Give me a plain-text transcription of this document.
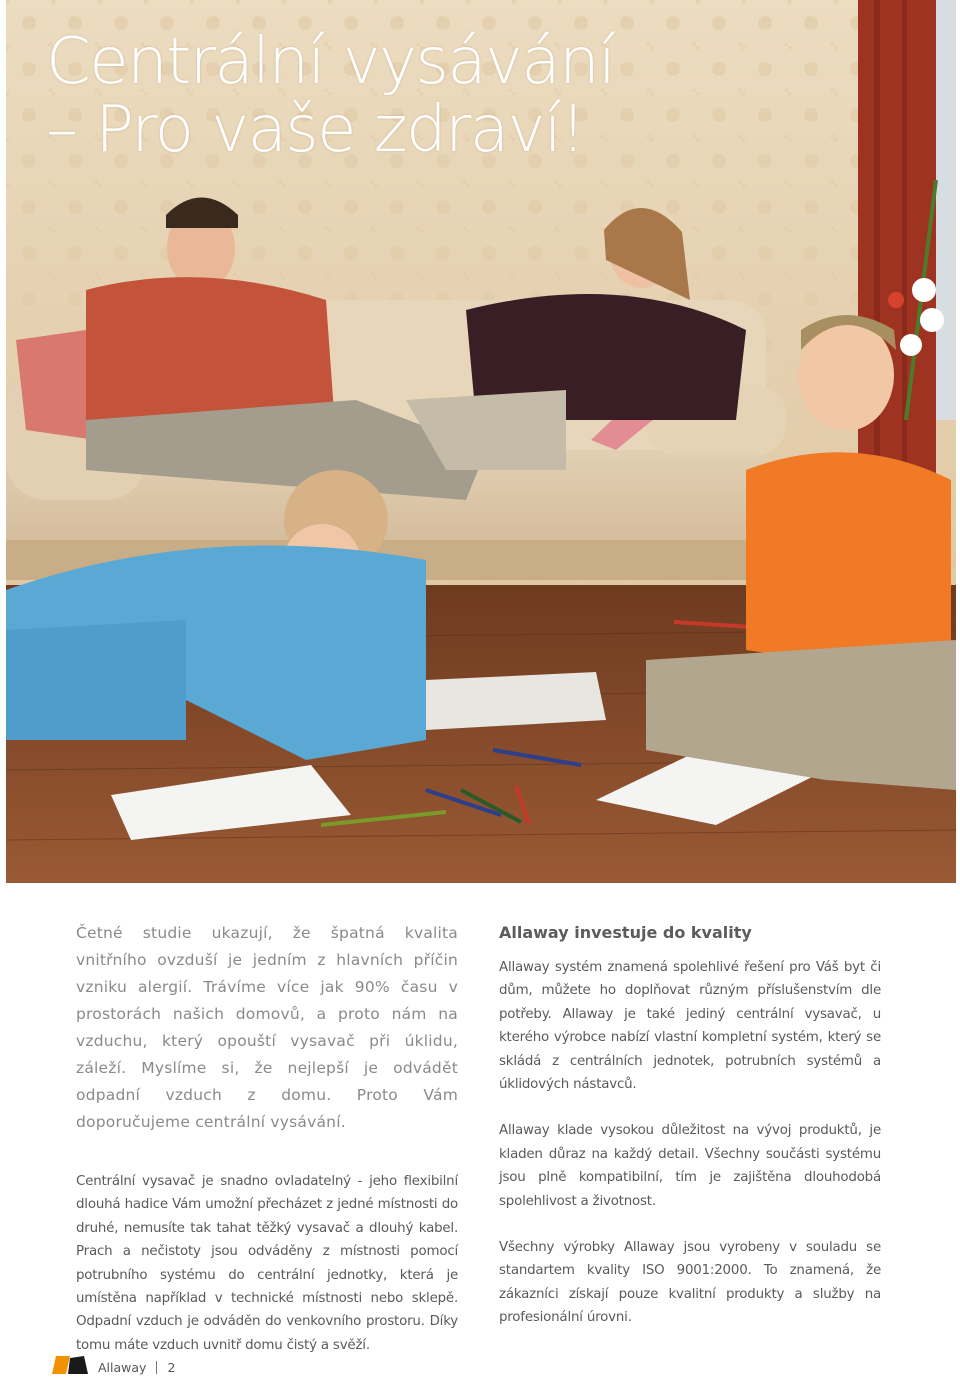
Centrální vysávání
– Pro vaše zdraví!

Četné studie ukazují, že špatná kvalita vnitřního ovzduší je jedním z hlavních příčin vzniku alergií. Trávíme více jak 90% času v prostorách našich domovů, a proto nám na vzduchu, který opouští vysavač při úklidu, záleží. Myslíme si, že nejlepší je odvádět odpadní vzduch z domu. Proto Vám doporučujeme centrální vysávání.

Centrální vysavač je snadno ovladatelný - jeho flexibilní dlouhá hadice Vám umožní přecházet z jedné místnosti do druhé, nemusíte tak tahat těžký vysavač a dlouhý kabel. Prach a nečistoty jsou odváděny z místnosti pomocí potrubního systému do centrální jednotky, která je umístěna například v technické místnosti nebo sklepě. Odpadní vzduch je odváděn do venkovního prostoru. Díky tomu máte vzduch uvnitř domu čistý a svěží.

Allaway investuje do kvality

Allaway systém znamená spolehlivé řešení pro Váš byt či dům, můžete ho doplňovat různým příslušenstvím dle potřeby. Allaway je také jediný centrální vysavač, u kterého výrobce nabízí vlastní kompletní systém, který se skládá z centrálních jednotek, potrubních systémů a úklidových nástavců.

Allaway klade vysokou důležitost na vývoj produktů, je kladen důraz na každý detail. Všechny součásti systému jsou plně kompatibilní, tím je zajištěna dlouhodobá spolehlivost a životnost.

Všechny výrobky Allaway jsou vyrobeny v souladu se standartem kvality ISO 9001:2000. To znamená, že zákazníci získají pouze kvalitní produkty a služby na profesionální úrovni.

Allaway 2
